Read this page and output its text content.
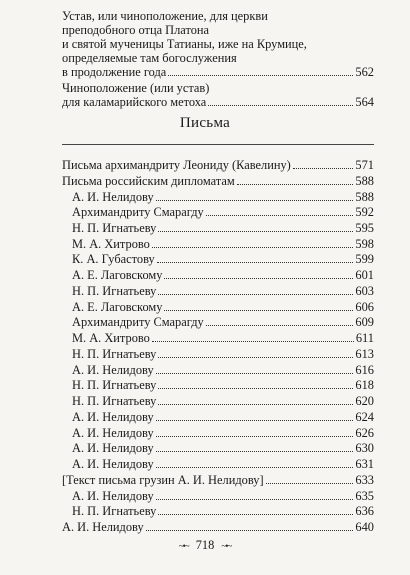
Устав, или чиноположение, для церкви
преподобного отца Платона
и святой мученицы Татианы, иже на Крумице,
определяемые там богослужения
в продолжение года	562
Чиноположение (или устав)
для каламарийского метоха	564
Письма
Письма архимандриту Леониду (Кавелину)	571
Письма российским дипломатам	588
А. И. Нелидову	588
Архимандриту Смарагду	592
Н. П. Игнатьеву	595
М. А. Хитрово	598
К. А. Губастову	599
А. Е. Лаговскому	601
Н. П. Игнатьеву	603
А. Е. Лаговскому	606
Архимандриту Смарагду	609
М. А. Хитрово	611
Н. П. Игнатьеву	613
А. И. Нелидову	616
Н. П. Игнатьеву	618
Н. П. Игнатьеву	620
А. И. Нелидову	624
А. И. Нелидову	626
А. И. Нелидову	630
А. И. Нелидову	631
[Текст письма грузин А. И. Нелидову]	633
А. И. Нелидову	635
Н. П. Игнатьеву	636
А. И. Нелидову	640
~•~ 718 ~•~
